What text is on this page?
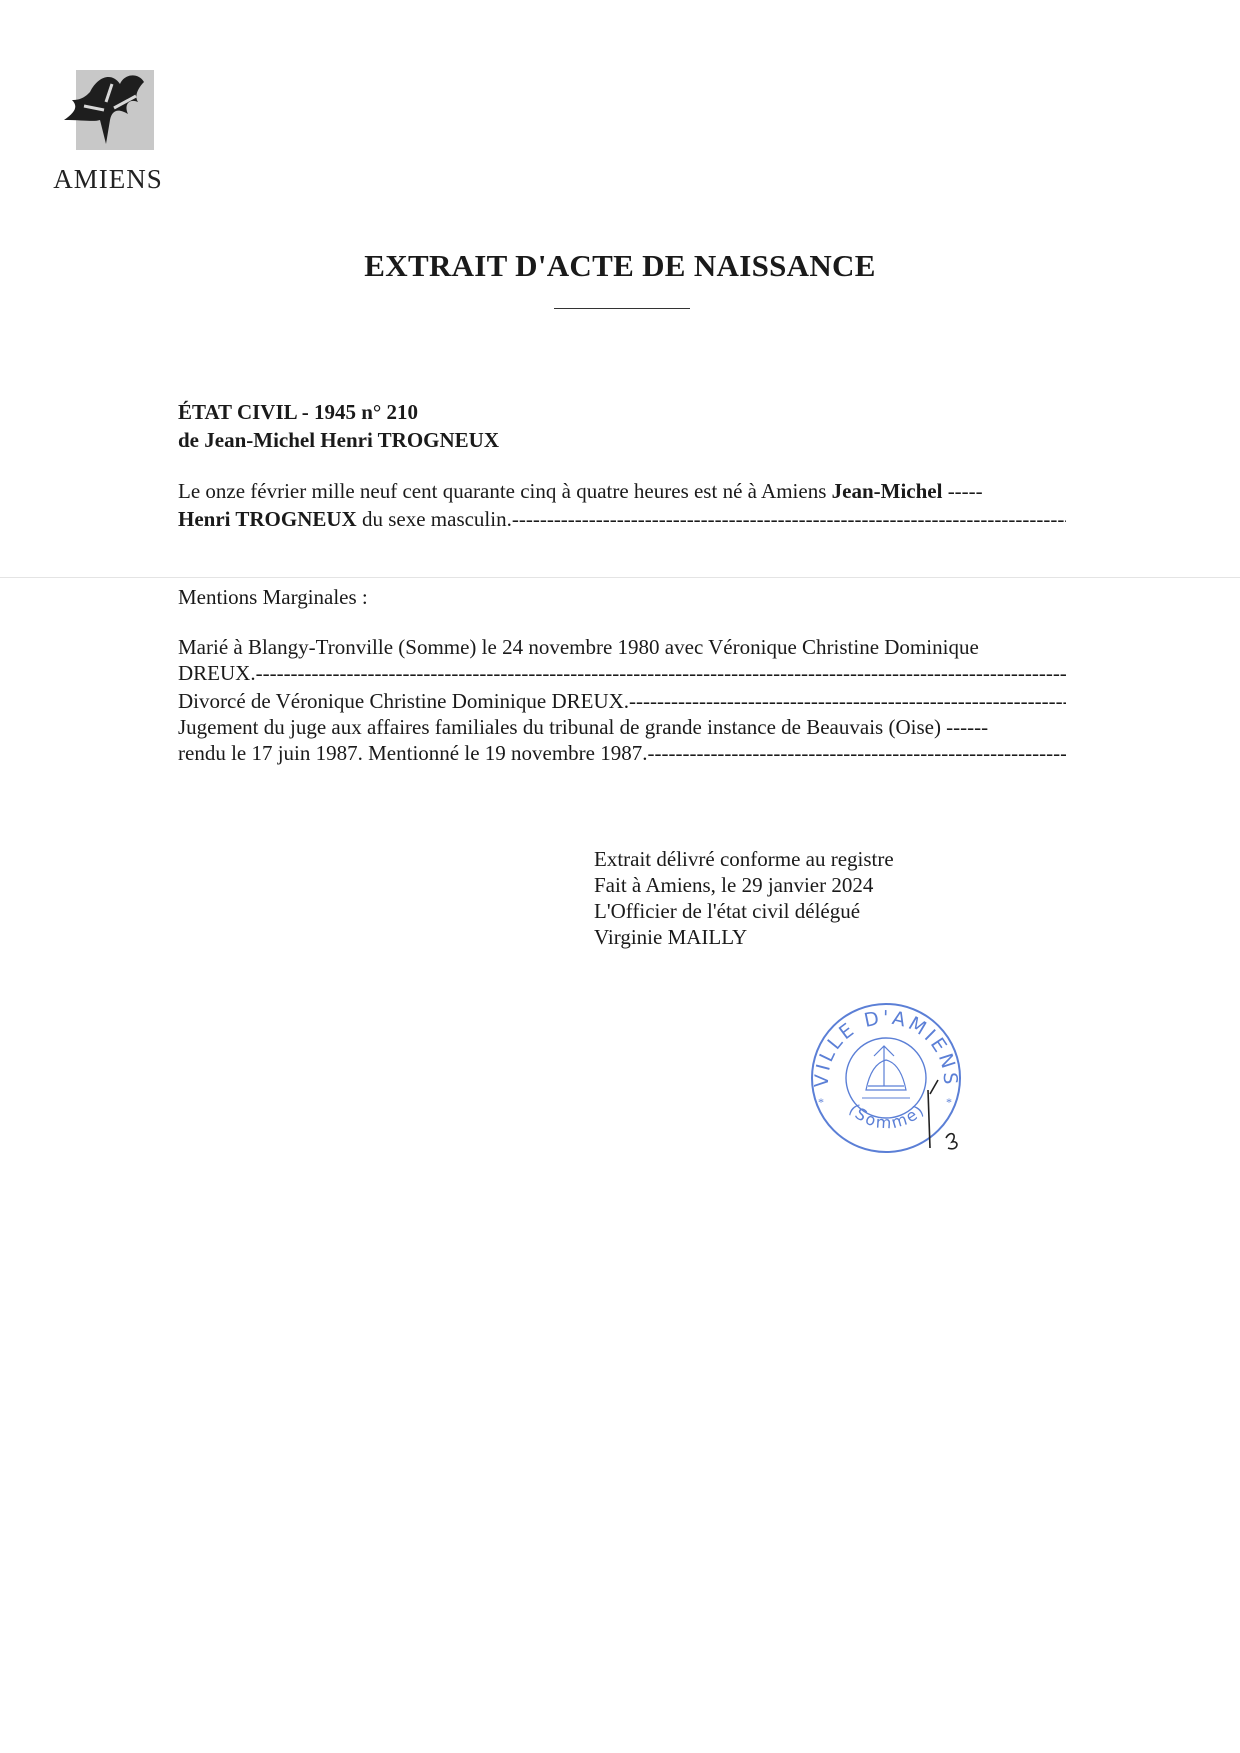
AMIENS
EXTRAIT D'ACTE DE NAISSANCE
ÉTAT CIVIL - 1945 n° 210
de Jean-Michel Henri TROGNEUX
Le onze février mille neuf cent quarante cinq à quatre heures est né à Amiens Jean-Michel -----
Henri TROGNEUX du sexe masculin. -----
Mentions Marginales :
Marié à Blangy-Tronville (Somme) le 24 novembre 1980 avec Véronique Christine Dominique
DREUX. -----
Divorcé de Véronique Christine Dominique DREUX. -----
Jugement du juge aux affaires familiales du tribunal de grande instance de Beauvais (Oise) ------
rendu le 17 juin 1987. Mentionné le 19 novembre 1987. -----
Extrait délivré conforme au registre
Fait à Amiens, le 29 janvier 2024
L'Officier de l'état civil délégué
Virginie MAILLY
VILLE D'AMIENS
(Somme)
*	*
